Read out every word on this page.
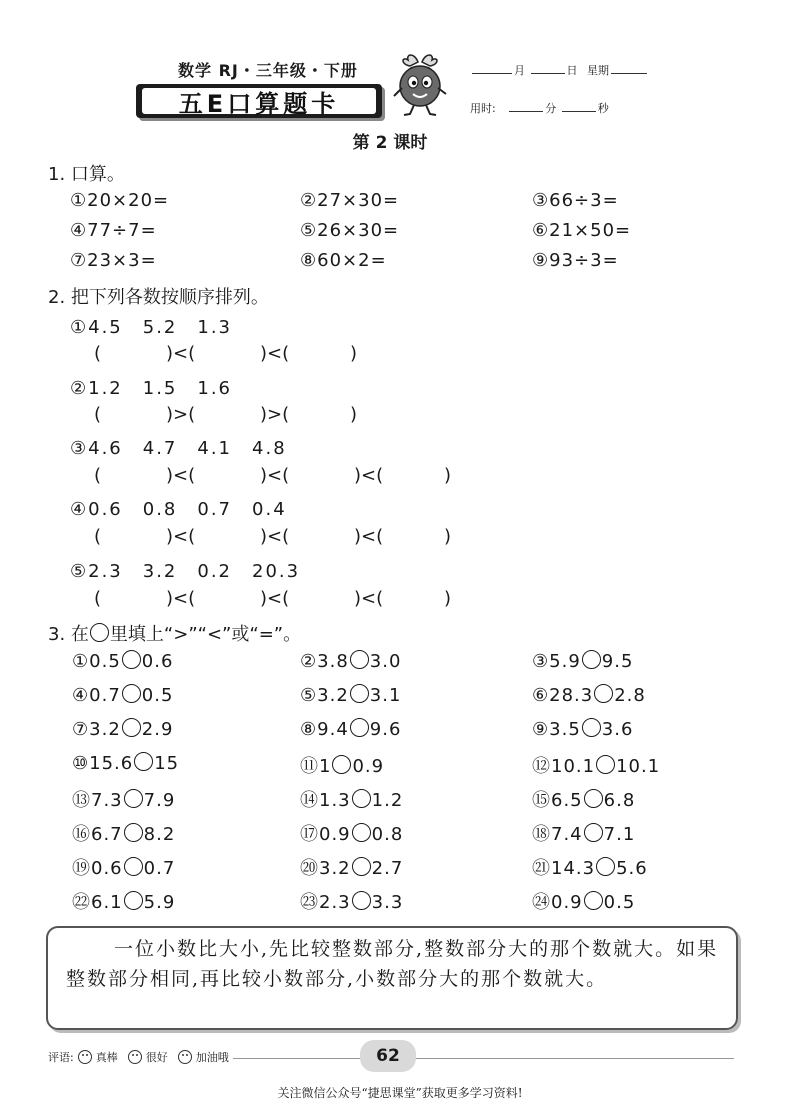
数学 RJ・三年级・下册
五E口算题卡
月	日 星期
用时:	分	秒
第 2 课时
1. 口算。
①20×20=	②27×30=	③66÷3=
④77÷7=	⑤26×30=	⑥21×50=
⑦23×3=	⑧60×2=	⑨93÷3=
2. 把下列各数按顺序排列。
①4.5　5.2　1.3
(	)<(	)<(	)
②1.2　1.5　1.6
(	)>(	)>(	)
③4.6　4.7　4.1　4.8
(	)<(	)<(	)<(	)
④0.6　0.8　0.7　0.4
(	)<(	)<(	)<(	)
⑤2.3　3.2　0.2　20.3
(	)<(	)<(	)<(	)
3. 在 里填上“>”“<”或“=”。
①0.5 0.6	②3.8 3.0	③5.9 9.5
④0.7 0.5	⑤3.2 3.1	⑥28.3 2.8
⑦3.2 2.9	⑧9.4 9.6	⑨3.5 3.6
⑩15.6 15	⑪1 0.9	⑫10.1 10.1
⑬7.3 7.9	⑭1.3 1.2	⑮6.5 6.8
⑯6.7 8.2	⑰0.9 0.8	⑱7.4 7.1
⑲0.6 0.7	⑳3.2 2.7	㉑14.3 5.6
㉒6.1 5.9	㉓2.3 3.3	㉔0.9 0.5
一位小数比大小,先比较整数部分,整数部分大的那个数就大。如果整数部分相同,再比较小数部分,小数部分大的那个数就大。
评语: 真棒	很好	加油哦	62
关注微信公众号“捷思课堂”获取更多学习资料!
